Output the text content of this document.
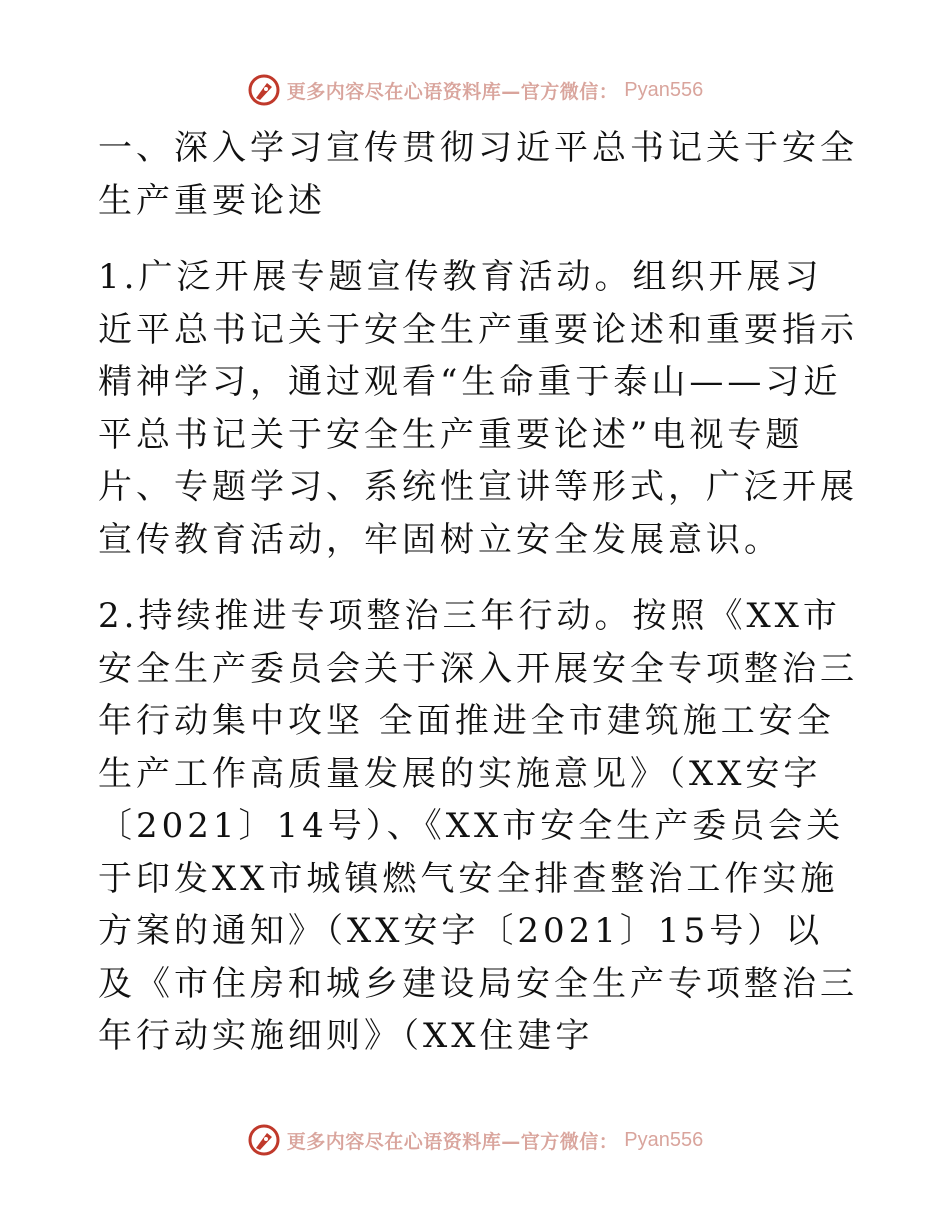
更多内容尽在心语资料库—官方微信： Pyan556

一、深入学习宣传贯彻习近平总书记关于安全生产重要论述

1.广泛开展专题宣传教育活动。组织开展习近平总书记关于安全生产重要论述和重要指示精神学习，通过观看“生命重于泰山——习近平总书记关于安全生产重要论述”电视专题片、专题学习、系统性宣讲等形式，广泛开展宣传教育活动，牢固树立安全发展意识。

2.持续推进专项整治三年行动。按照《XX市安全生产委员会关于深入开展安全专项整治三年行动集中攻坚 全面推进全市建筑施工安全生产工作高质量发展的实施意见》（XX安字〔2021〕14号）、《XX市安全生产委员会关于印发XX市城镇燃气安全排查整治工作实施方案的通知》（XX安字〔2021〕15号）以及《市住房和城乡建设局安全生产专项整治三年行动实施细则》（XX住建字

更多内容尽在心语资料库—官方微信： Pyan556
